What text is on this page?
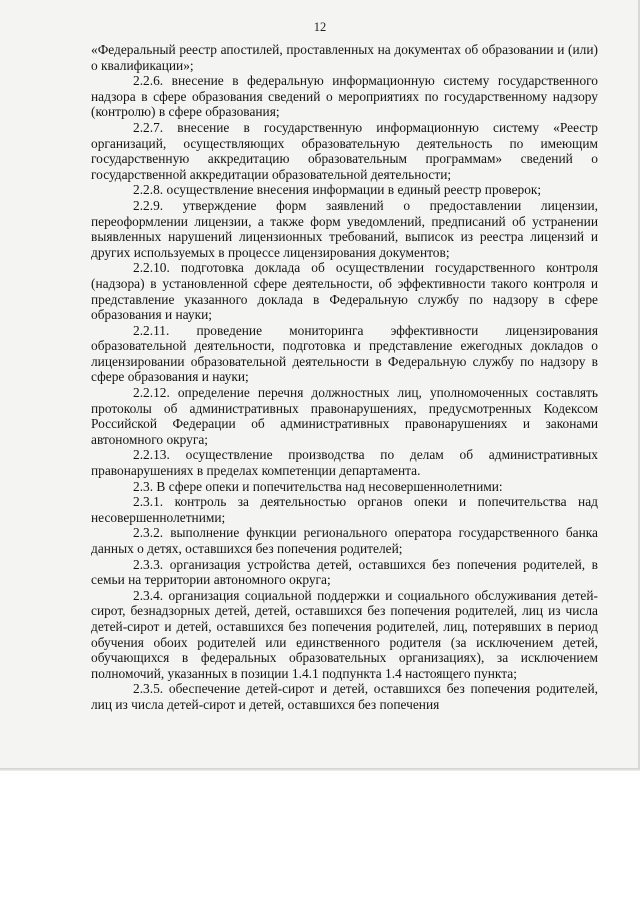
12

«Федеральный реестр апостилей, проставленных на документах об образовании и (или) о квалификации»;

2.2.6. внесение в федеральную информационную систему государственного надзора в сфере образования сведений о мероприятиях по государственному надзору (контролю) в сфере образования;

2.2.7. внесение в государственную информационную систему «Реестр организаций, осуществляющих образовательную деятельность по имеющим государственную аккредитацию образовательным программам» сведений о государственной аккредитации образовательной деятельности;

2.2.8. осуществление внесения информации в единый реестр проверок;

2.2.9. утверждение форм заявлений о предоставлении лицензии, переоформлении лицензии, а также форм уведомлений, предписаний об устранении выявленных нарушений лицензионных требований, выписок из реестра лицензий и других используемых в процессе лицензирования документов;

2.2.10. подготовка доклада об осуществлении государственного контроля (надзора) в установленной сфере деятельности, об эффективности такого контроля и представление указанного доклада в Федеральную службу по надзору в сфере образования и науки;

2.2.11. проведение мониторинга эффективности лицензирования образовательной деятельности, подготовка и представление ежегодных докладов о лицензировании образовательной деятельности в Федеральную службу по надзору в сфере образования и науки;

2.2.12. определение перечня должностных лиц, уполномоченных составлять протоколы об административных правонарушениях, предусмотренных Кодексом Российской Федерации об административных правонарушениях и законами автономного округа;

2.2.13. осуществление производства по делам об административных правонарушениях в пределах компетенции департамента.

2.3. В сфере опеки и попечительства над несовершеннолетними:

2.3.1. контроль за деятельностью органов опеки и попечительства над несовершеннолетними;

2.3.2. выполнение функции регионального оператора государственного банка данных о детях, оставшихся без попечения родителей;

2.3.3. организация устройства детей, оставшихся без попечения родителей, в семьи на территории автономного округа;

2.3.4. организация социальной поддержки и социального обслуживания детей-сирот, безнадзорных детей, детей, оставшихся без попечения родителей, лиц из числа детей-сирот и детей, оставшихся без попечения родителей, лиц, потерявших в период обучения обоих родителей или единственного родителя (за исключением детей, обучающихся в федеральных образовательных организациях), за исключением полномочий, указанных в позиции 1.4.1 подпункта 1.4 настоящего пункта;

2.3.5. обеспечение детей-сирот и детей, оставшихся без попечения родителей, лиц из числа детей-сирот и детей, оставшихся без попечения
